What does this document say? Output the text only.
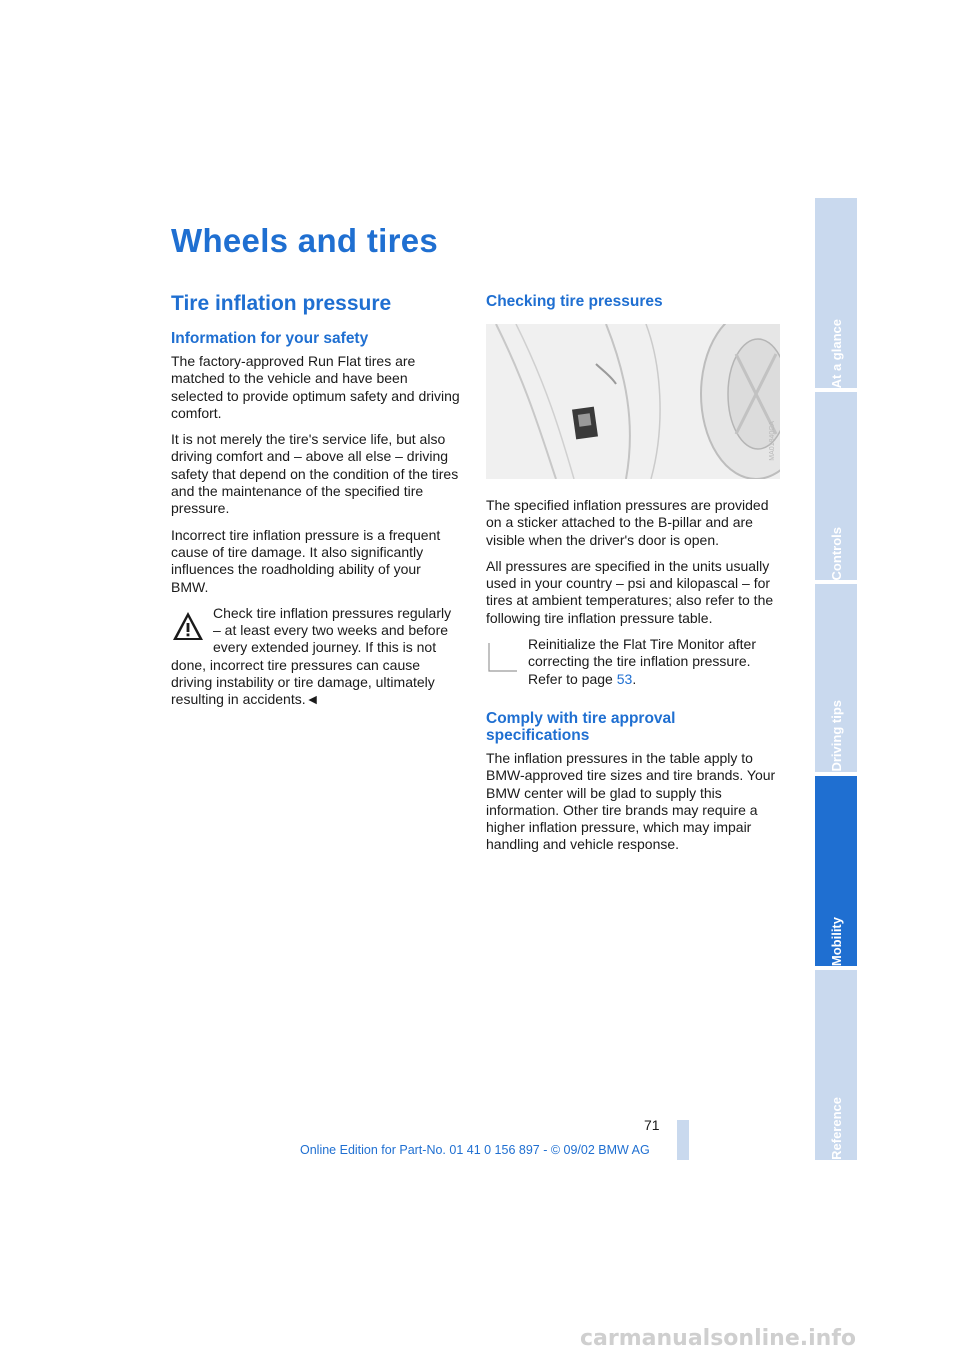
Wheels and tires
Tire inflation pressure
Information for your safety

The factory-approved Run Flat tires are matched to the vehicle and have been selected to provide optimum safety and driving comfort.

It is not merely the tire's service life, but also driving comfort and – above all else – driving safety that depend on the condition of the tires and the maintenance of the specified tire pressure.

Incorrect tire inflation pressure is a frequent cause of tire damage. It also significantly influences the roadholding ability of your BMW.

Check tire inflation pressures regularly – at least every two weeks and before every extended journey. If this is not done, incorrect tire pressures can cause driving instability or tire damage, ultimately resulting in accidents.◄
Checking tire pressures
MA01840CA

The specified inflation pressures are provided on a sticker attached to the B-pillar and are visible when the driver's door is open.

All pressures are specified in the units usually used in your country – psi and kilopascal – for tires at ambient temperatures; also refer to the following tire inflation pressure table.

Reinitialize the Flat Tire Monitor after correcting the tire inflation pressure. Refer to page 53.
Comply with tire approval specifications

The inflation pressures in the table apply to BMW-approved tire sizes and tire brands. Your BMW center will be glad to supply this information. Other tire brands may require a higher inflation pressure, which may impair handling and vehicle response.

At a glance
Controls
Driving tips
Mobility
Reference
71
Online Edition for Part-No. 01 41 0 156 897 - © 09/02 BMW AG
carmanualsonline.info
